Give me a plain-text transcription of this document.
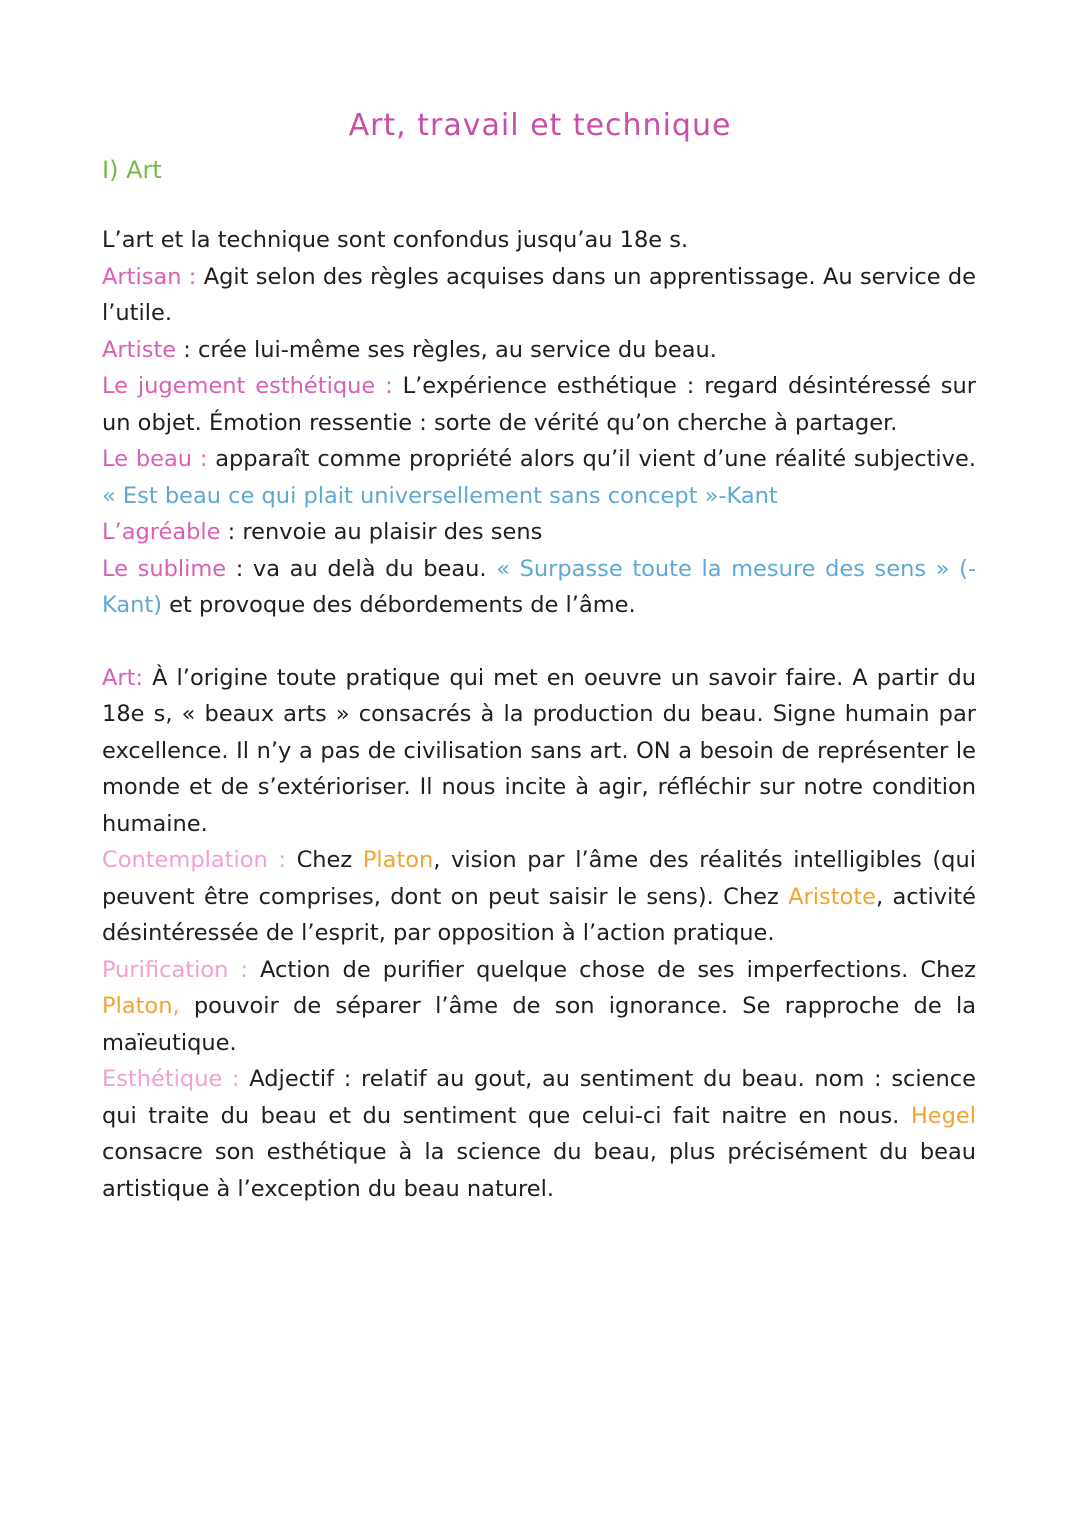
Art, travail et technique
I) Art

L’art et la technique sont confondus jusqu’au 18e s.

Artisan : Agit selon des règles acquises dans un apprentissage. Au service de l’utile.

Artiste : crée lui-même ses règles, au service du beau.

Le jugement esthétique : L’expérience esthétique : regard désintéressé sur un objet. Émotion ressentie : sorte de vérité qu’on cherche à partager.

Le beau : apparaît comme propriété alors qu’il vient d’une réalité subjective. « Est beau ce qui plait universellement sans concept »-Kant

L’agréable : renvoie au plaisir des sens

Le sublime : va au delà du beau. « Surpasse toute la mesure des sens » (-Kant) et provoque des débordements de l’âme.

Art: À l’origine toute pratique qui met en oeuvre un savoir faire. A partir du 18e s, « beaux arts » consacrés à la production du beau. Signe humain par excellence. Il n’y a pas de civilisation sans art. ON a besoin de représenter le monde et de s’extérioriser. Il nous incite à agir, réfléchir sur notre condition humaine.

Contemplation : Chez Platon, vision par l’âme des réalités intelligibles (qui peuvent être comprises, dont on peut saisir le sens). Chez Aristote, activité désintéressée de l’esprit, par opposition à l’action pratique.

Purification : Action de purifier quelque chose de ses imperfections. Chez Platon, pouvoir de séparer l’âme de son ignorance. Se rapproche de la maïeutique.

Esthétique : Adjectif : relatif au gout, au sentiment du beau. nom : science qui traite du beau et du sentiment que celui-ci fait naitre en nous. Hegel consacre son esthétique à la science du beau, plus précisément du beau artistique à l’exception du beau naturel.
